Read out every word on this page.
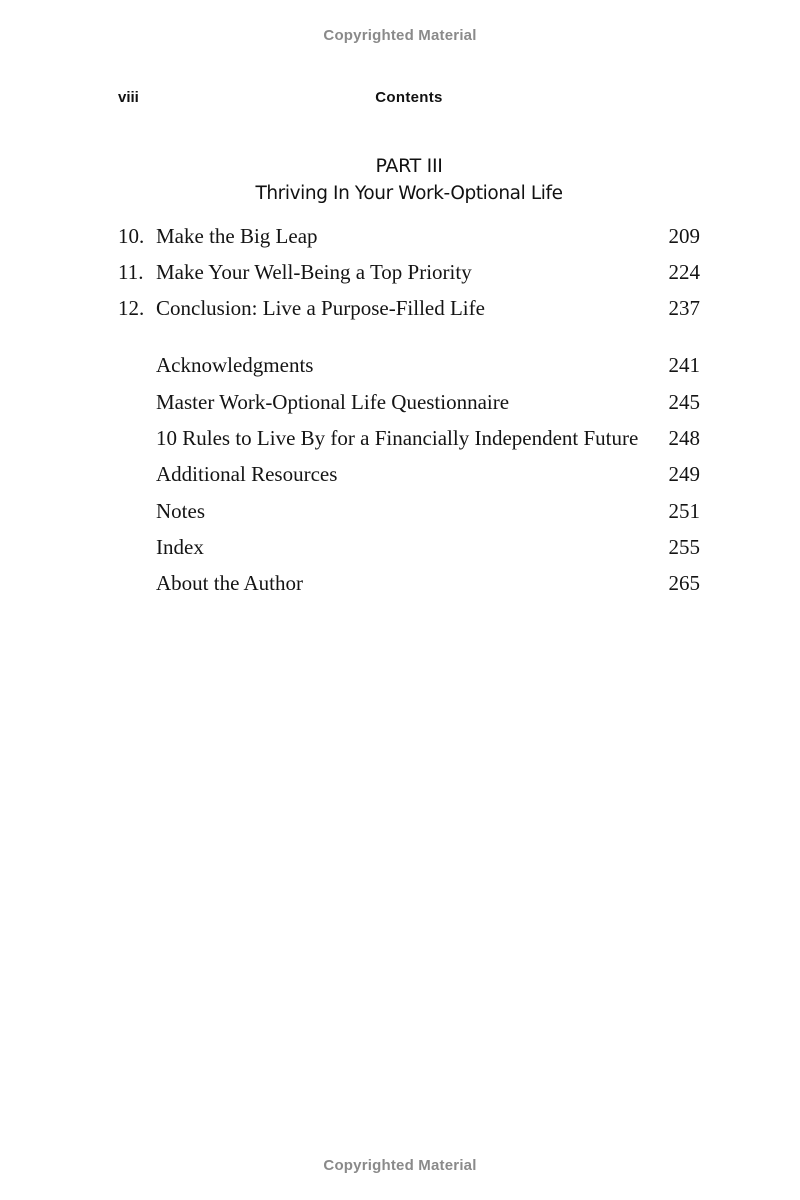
Copyrighted Material
viii	Contents
PART III
Thriving In Your Work-Optional Life
10. Make the Big Leap	209
11. Make Your Well-Being a Top Priority	224
12. Conclusion: Live a Purpose-Filled Life	237
Acknowledgments	241
Master Work-Optional Life Questionnaire	245
10 Rules to Live By for a Financially Independent Future 248
Additional Resources	249
Notes	251
Index	255
About the Author	265
Copyrighted Material
